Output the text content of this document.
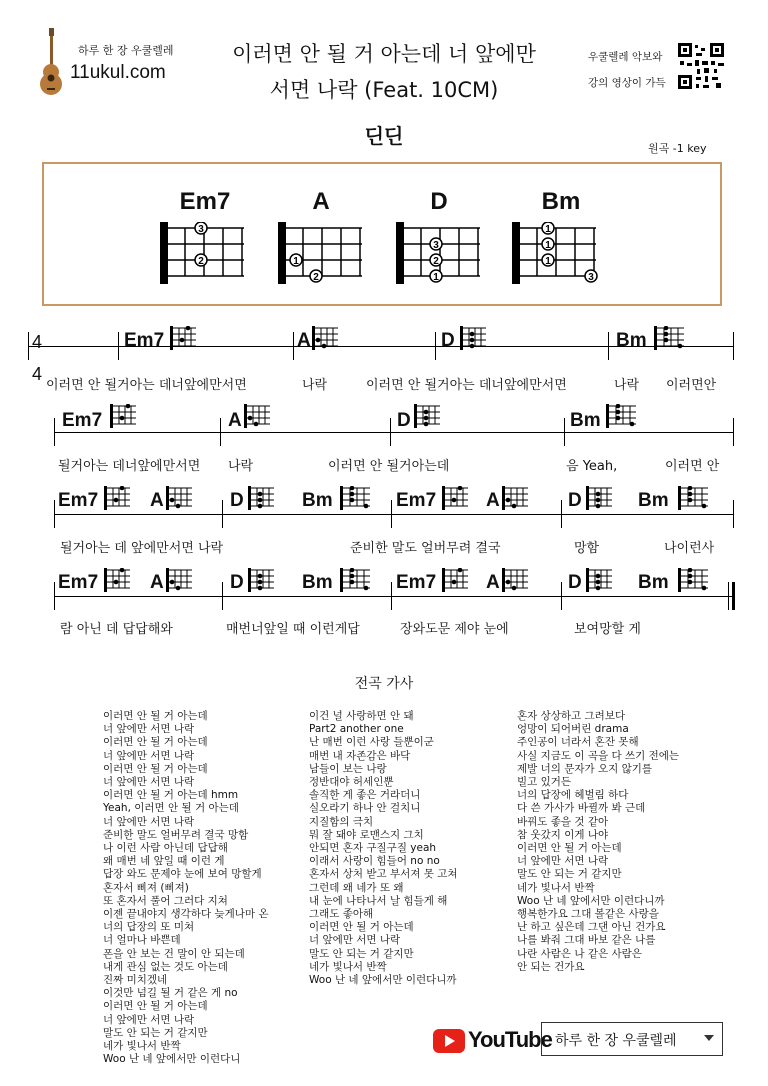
하루 한 장 우쿨렐레
11ukul.com
이러면 안 될 거 아는데 너 앞에만
서면 나락 (Feat. 10CM)
우쿨렐레 악보와
강의 영상이 가득
딘딘
원곡 -1 key
Em7
3
2
A
1
2
D
3
2
1
Bm
1
1
1
3
4
4
Em7	A	D	Bm
이러면 안 될거아는 데너앞에만서면	나락	이러면 안 될거아는 데너앞에만서면	나락 이러면안
Em7	A	D	Bm
될거아는 데너앞에만서면 나락	이러면 안 될거아는데	음 Yeah,	이러면 안
Em7	A	D	Bm	Em7	A	D	Bm
될거아는 데 앞에만서면 나락	준비한 말도 얼버무려 결국	망함	나이런사
Em7	A	D	Bm	Em7	A	D	Bm
람 아닌 데 답답해와	매번너앞일 때 이런게답	장와도문 제야 눈에	보여망할 게
전곡 가사
이러면 안 될 거 아는데
너 앞에만 서면 나락
이러면 안 될 거 아는데
너 앞에만 서면 나락
이러면 안 될 거 아는데
너 앞에만 서면 나락
이러면 안 될 거 아는데 hmm
Yeah, 이러면 안 될 거 아는데
너 앞에만 서면 나락
준비한 말도 얼버무려 결국 망함
나 이런 사람 아닌데 답답해
왜 매번 네 앞일 때 이런 게
답장 와도 문제야 눈에 보여 망할게
혼자서 삐져 (삐져)
또 혼자서 풀어 그러다 지쳐
이젠 끝내야지 생각하다 늦게나마 온
너의 답장의 또 미쳐
너 얼마나 바쁜데
폰을 안 보는 건 말이 안 되는데
내게 관심 없는 것도 아는데
진짜 미치겠네
이것만 넘길 될 거 같은 게 no
이러면 안 될 거 아는데
너 앞에만 서면 나락
말도 안 되는 거 같지만
네가 빛나서 반짝
Woo 난 네 앞에서만 이런다니
이건 널 사랑하면 안 돼
Part2 another one
난 매번 이런 사랑 들뿐이군
매번 내 자존감은 바닥
남들이 보는 나랑
정반대야 허세인뿐
솔직한 게 좋은 거라더니
실오라기 하나 안 걸치니
지질함의 극치
뭐 잘 돼야 로맨스지 그치
안되면 혼자 구질구질 yeah
이래서 사랑이 힘들어 no no
혼자서 상처 받고 부서져 못 고쳐
그런데 왜 네가 또 왜
내 눈에 나타나서 날 힘들게 해
그래도 좋아해
이러면 안 될 거 아는데
너 앞에만 서면 나락
말도 안 되는 거 같지만
네가 빛나서 반짝
Woo 난 네 앞에서만 이런다니까
혼자 상상하고 그려보다
엉망이 되어버린 drama
주인공이 너라서 혼잔 못해
사실 지금도 이 곡을 다 쓰기 전에는
제발 너의 문자가 오지 않기를
빌고 있거든
너의 답장에 헤벌림 하다
다 쓴 가사가 바뀔까 봐 근데
바꿔도 좋을 것 같아
참 웃갔지 이게 나야
이러면 안 될 거 아는데
너 앞에만 서면 나락
말도 안 되는 거 같지만
네가 빛나서 반짝
Woo 난 네 앞에서만 이런다니까
행복한가요 그대 볼같은 사랑을
난 하고 싶은데 그댄 아닌 건가요
나를 봐줘 그대 바보 같은 나를
나란 사람은 나 같은 사람은
안 되는 건가요
YouTube 하루 한 장 우쿨렐레
